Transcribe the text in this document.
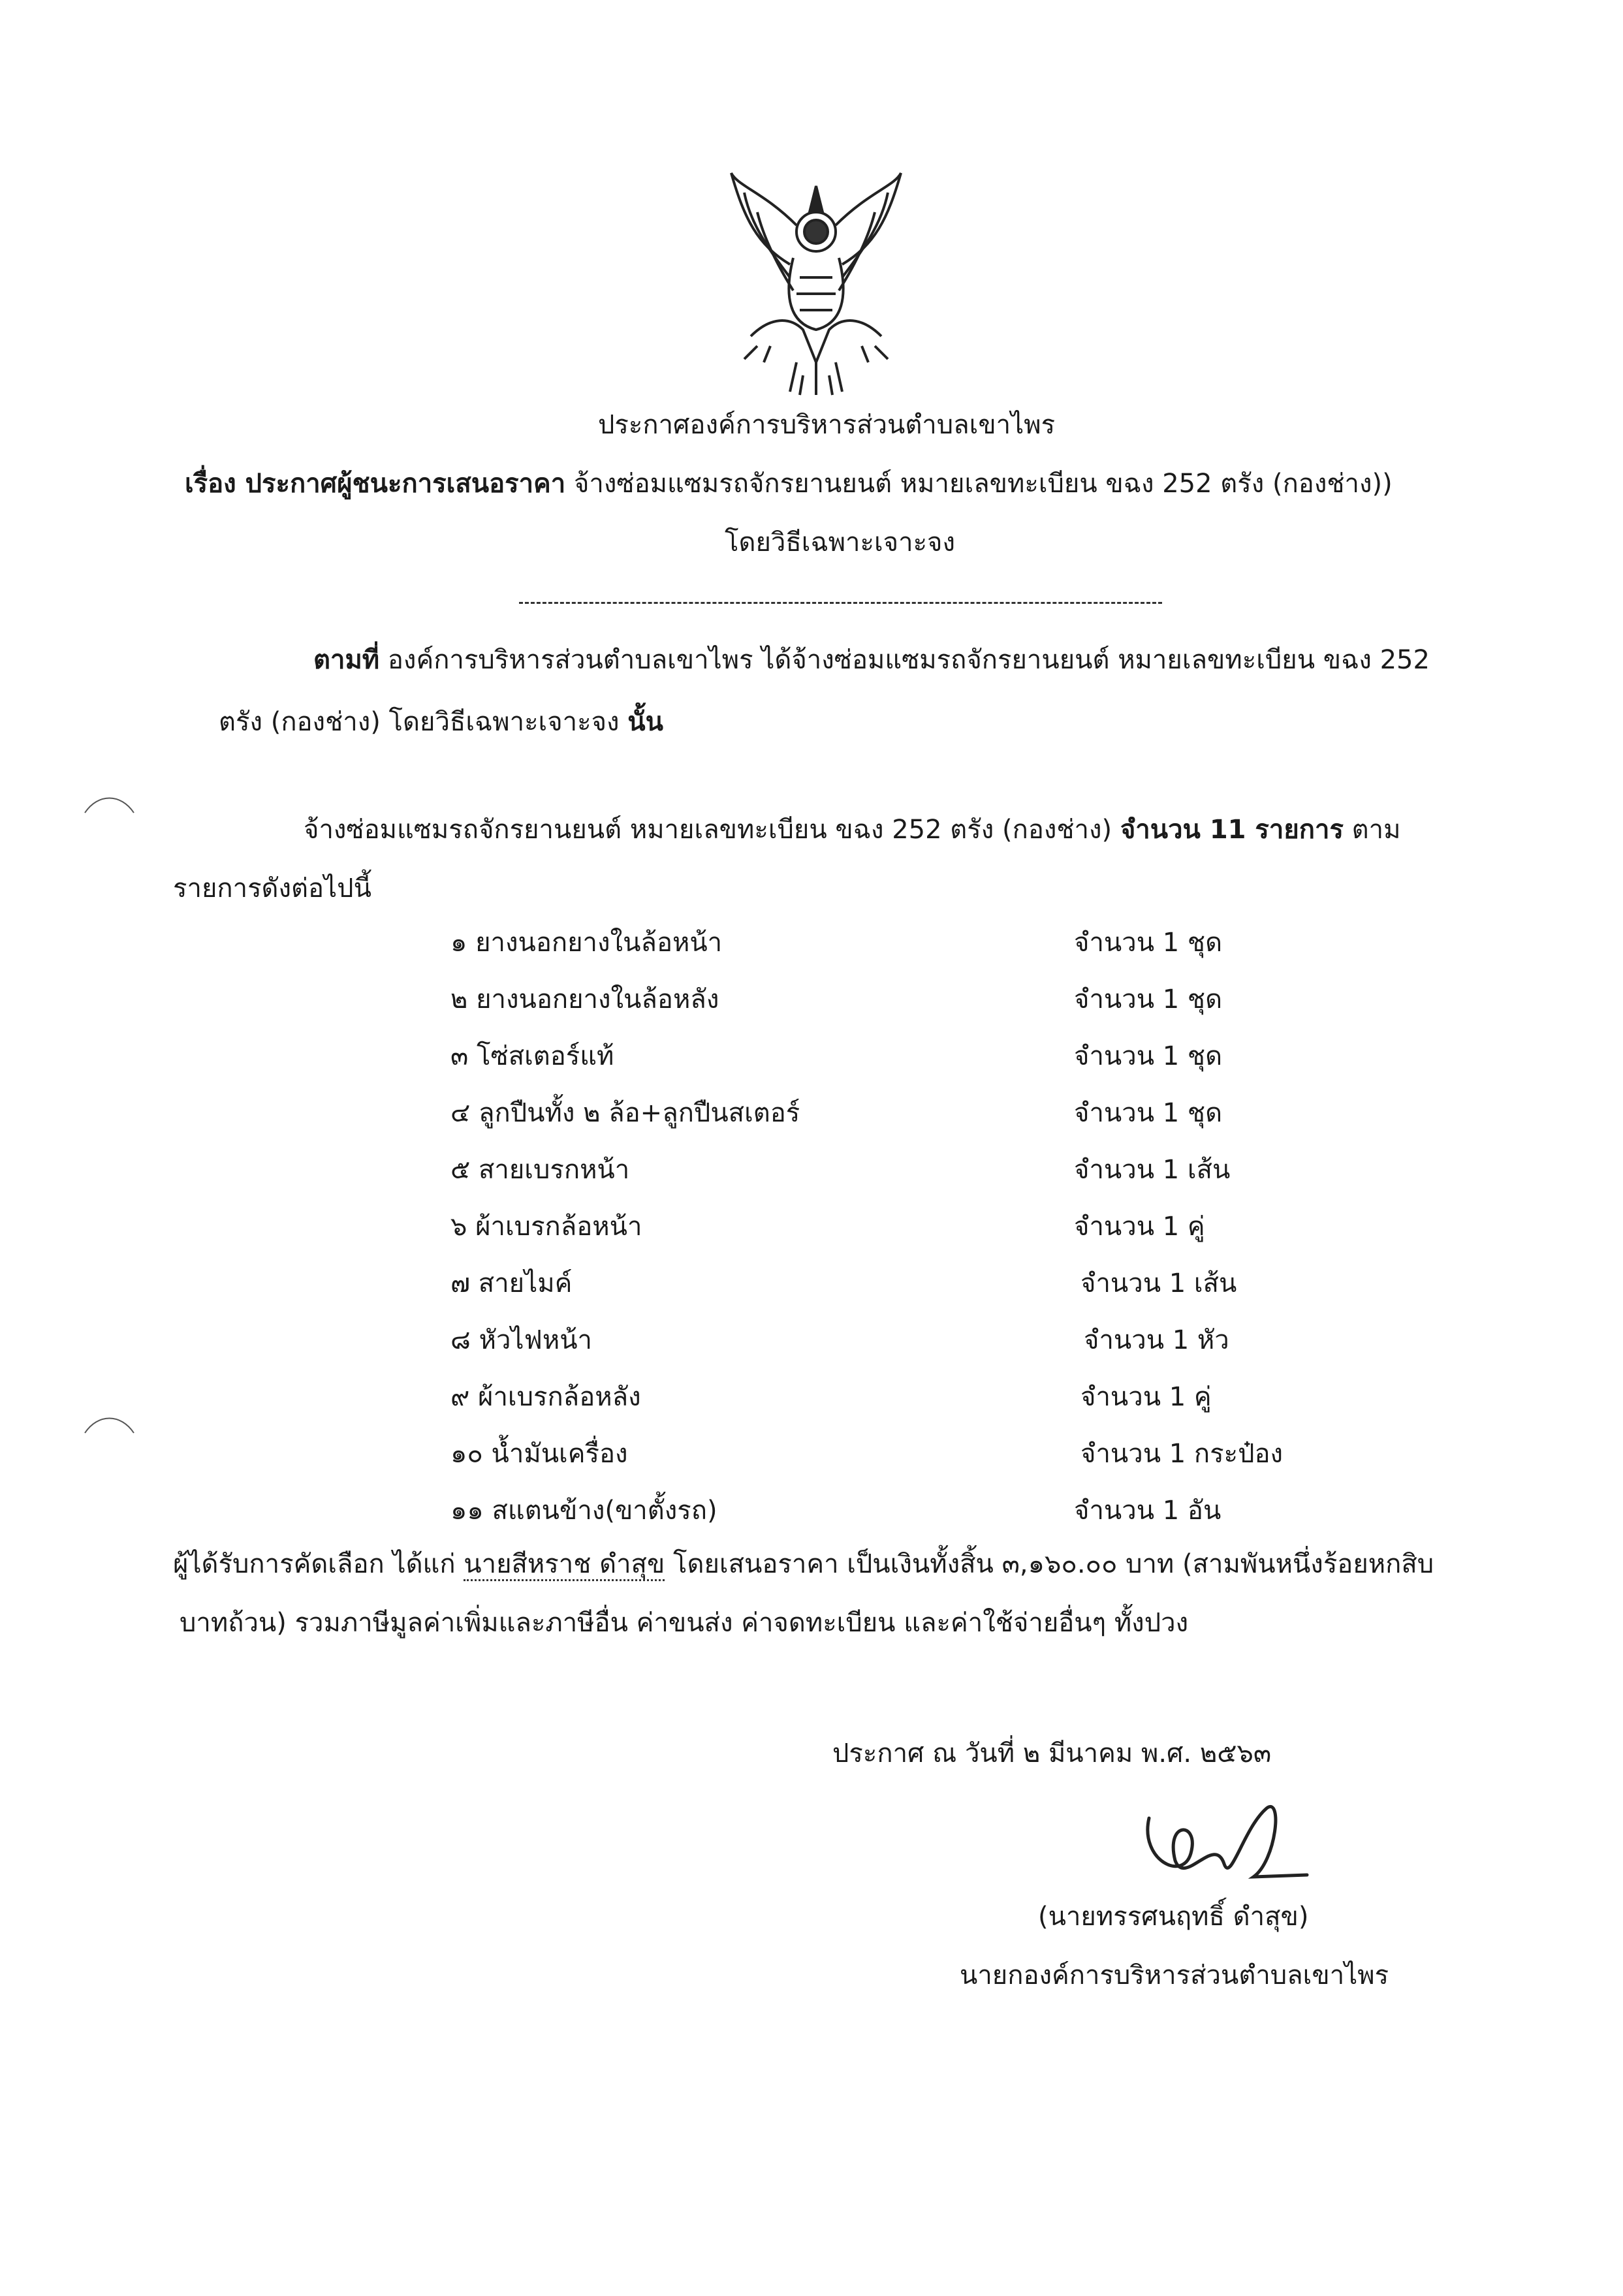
ประกาศองค์การบริหารส่วนตำบลเขาไพร
เรื่อง ประกาศผู้ชนะการเสนอราคา จ้างซ่อมแซมรถจักรยานยนต์ หมายเลขทะเบียน ขฉง 252 ตรัง (กองช่าง))
โดยวิธีเฉพาะเจาะจง
ตามที่ องค์การบริหารส่วนตำบลเขาไพร ได้จ้างซ่อมแซมรถจักรยานยนต์ หมายเลขทะเบียน ขฉง 252
ตรัง (กองช่าง) โดยวิธีเฉพาะเจาะจง นั้น
จ้างซ่อมแซมรถจักรยานยนต์ หมายเลขทะเบียน ขฉง 252 ตรัง (กองช่าง) จำนวน 11 รายการ ตาม
รายการดังต่อไปนี้
๑ ยางนอกยางในล้อหน้า	จำนวน 1 ชุด
๒ ยางนอกยางในล้อหลัง	จำนวน 1 ชุด
๓ โซ่สเตอร์แท้	จำนวน 1 ชุด
๔ ลูกปืนทั้ง ๒ ล้อ+ลูกปืนสเตอร์	จำนวน 1 ชุด
๕ สายเบรกหน้า	จำนวน 1 เส้น
๖ ผ้าเบรกล้อหน้า	จำนวน 1 คู่
๗ สายไมค์	จำนวน 1 เส้น
๘ หัวไฟหน้า	จำนวน 1 หัว
๙ ผ้าเบรกล้อหลัง	จำนวน 1 คู่
๑๐ น้ำมันเครื่อง	จำนวน 1 กระป๋อง
๑๑ สแตนข้าง(ขาตั้งรถ)	จำนวน 1 อัน
ผู้ได้รับการคัดเลือก ได้แก่ นายสีหราช ดำสุข โดยเสนอราคา เป็นเงินทั้งสิ้น ๓,๑๖๐.๐๐ บาท (สามพันหนึ่งร้อยหกสิบ
บาทถ้วน) รวมภาษีมูลค่าเพิ่มและภาษีอื่น ค่าขนส่ง ค่าจดทะเบียน และค่าใช้จ่ายอื่นๆ ทั้งปวง
ประกาศ ณ วันที่ ๒ มีนาคม พ.ศ. ๒๕๖๓
(นายทรรศนฤทธิ์ ดำสุข)
นายกองค์การบริหารส่วนตำบลเขาไพร
